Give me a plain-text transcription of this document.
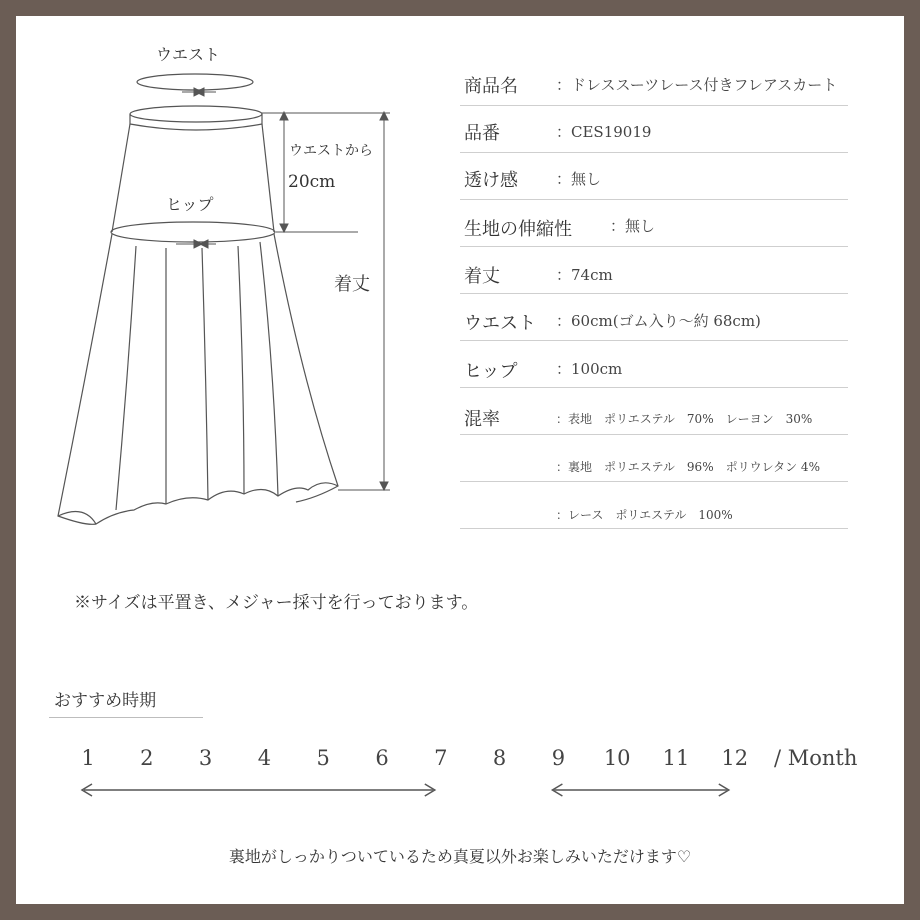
ウエスト
ウエストから
20cm
ヒップ
着丈
商品名	：ドレススーツレース付きフレアスカート
品番	：CES19019
透け感	：無し
生地の伸縮性	：無し
着丈	：74cm
ウエスト ：60cm(ゴム入り～約 68cm)
ヒップ	：100cm
混率	：表地　ポリエステル　70%　レーヨン　30%
：裏地　ポリエステル　96%　ポリウレタン 4%
：レース　ポリエステル　100%
※サイズは平置き、メジャー採寸を行っております。
おすすめ時期
1 2 3 4 5 6 7 8 9 10 11 12 / Month
裏地がしっかりついているため真夏以外お楽しみいただけます♡
